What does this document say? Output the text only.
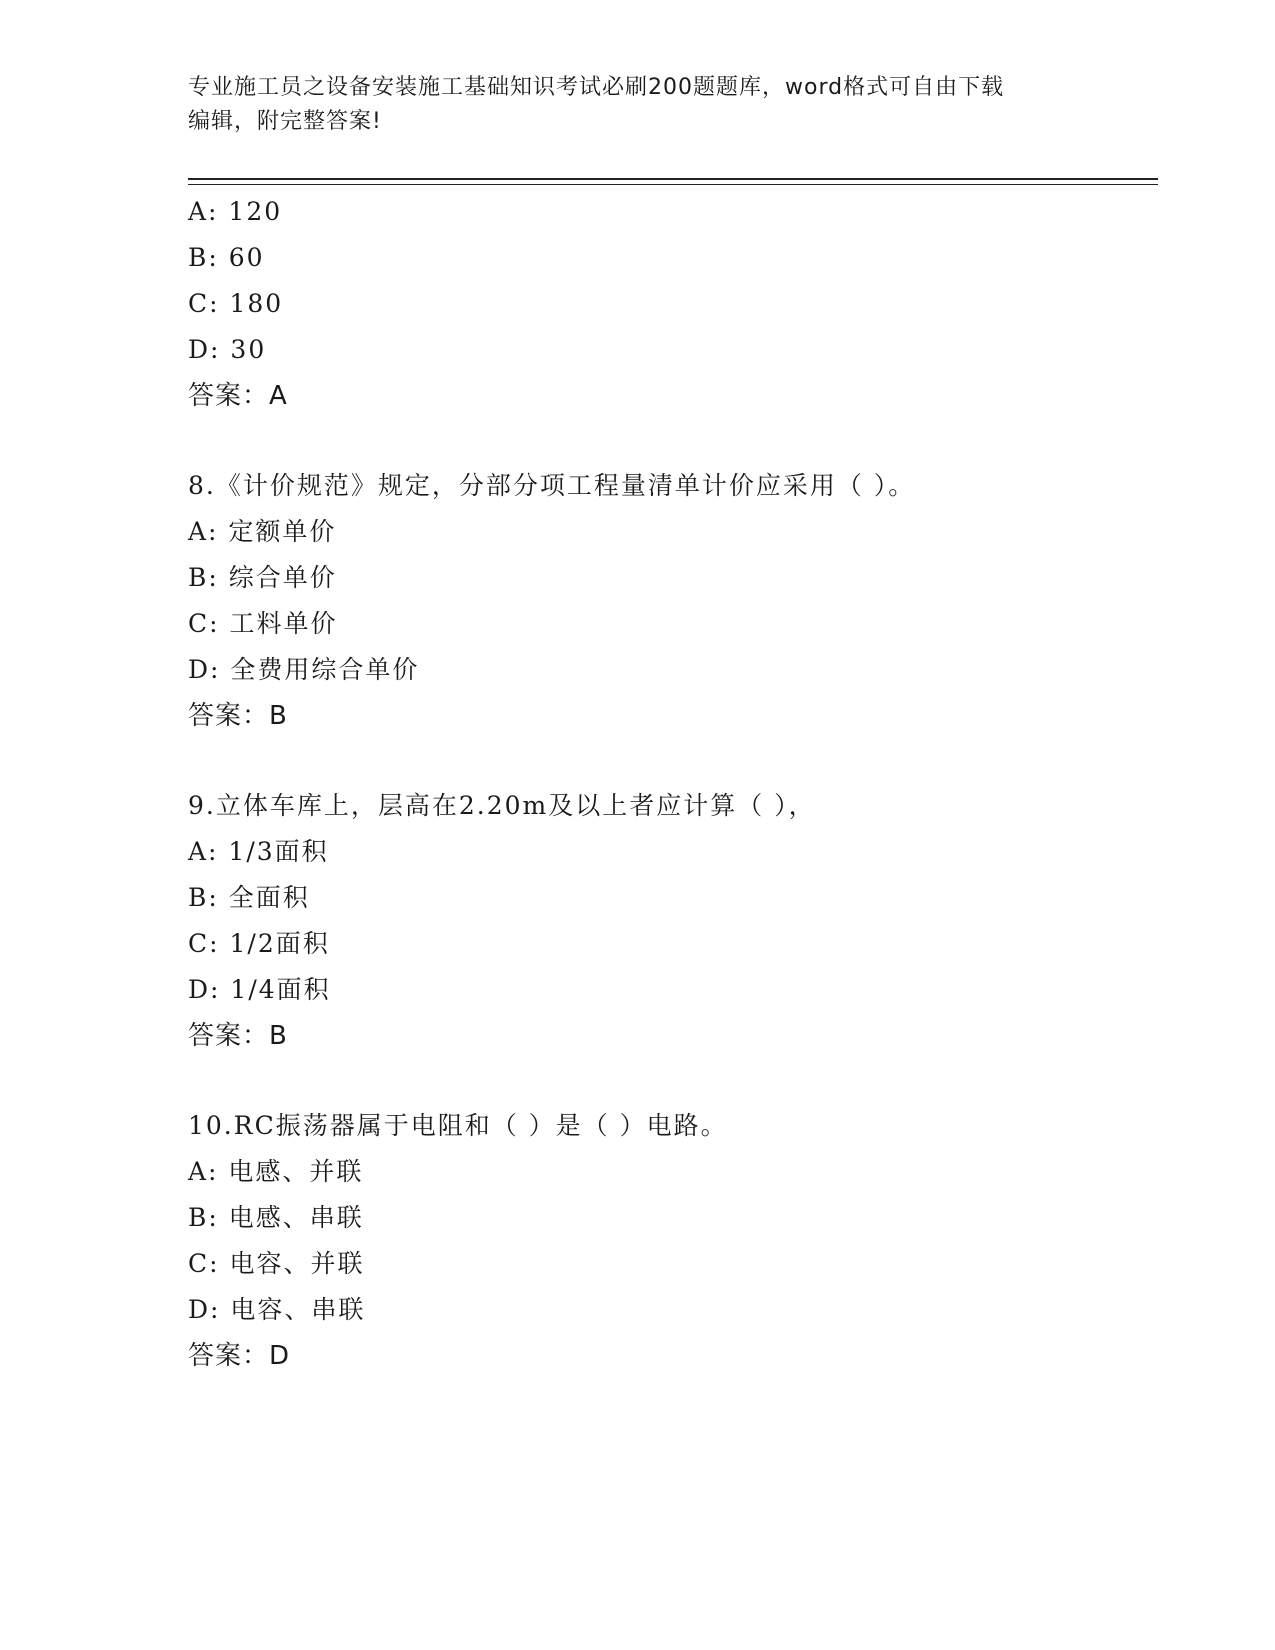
专业施工员之设备安装施工基础知识考试必刷200题题库，word格式可自由下载
编辑，附完整答案!
A: 120
B: 60
C: 180
D: 30
答案：A
8.《计价规范》规定，分部分项工程量清单计价应采用（ ）。
A: 定额单价
B: 综合单价
C: 工料单价
D: 全费用综合单价
答案：B
9.立体车库上，层高在2.20m及以上者应计算（ ），
A: 1/3面积
B: 全面积
C: 1/2面积
D: 1/4面积
答案：B
10.RC振荡器属于电阻和（ ）是（ ）电路。
A: 电感、并联
B: 电感、串联
C: 电容、并联
D: 电容、串联
答案：D
